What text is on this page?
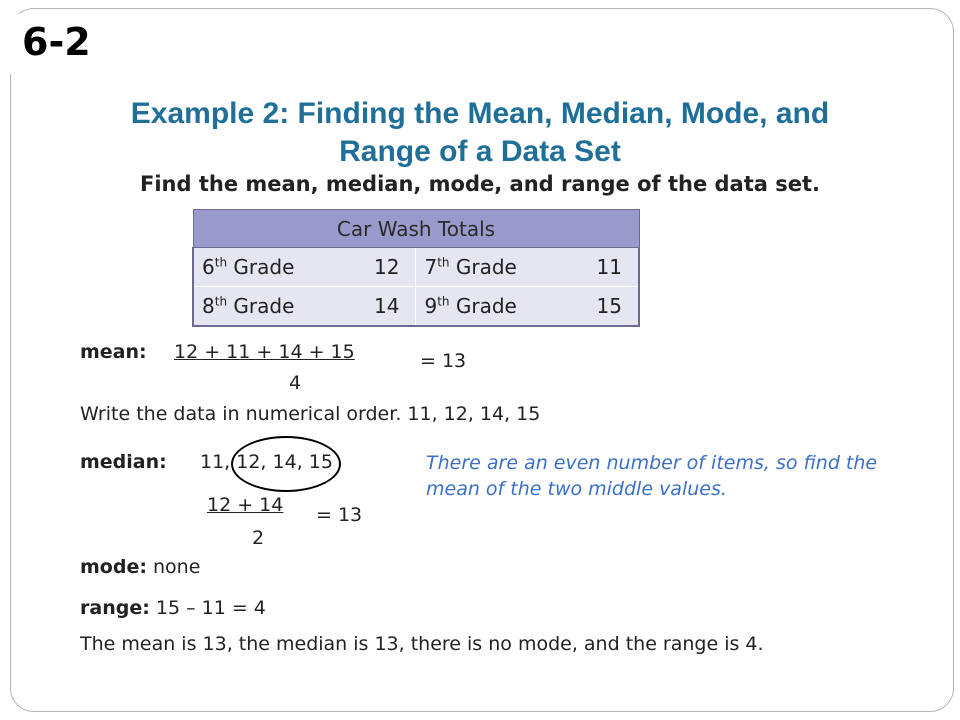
6-2
Example 2: Finding the Mean, Median, Mode, and
Range of a Data Set
Find the mean, median, mode, and range of the data set.
Car Wash Totals			
6th Grade	12	7th Grade	11
8th Grade	14	9th Grade	15
mean: 12 + 11 + 14 + 15
4
= 13
Write the data in numerical order. 11, 12, 14, 15
median: 11, 12, 14, 15
12 + 14
2
= 13
There are an even number of items, so find the mean of the two middle values.
mode: none
range: 15 – 11 = 4
The mean is 13, the median is 13, there is no mode, and the range is 4.
